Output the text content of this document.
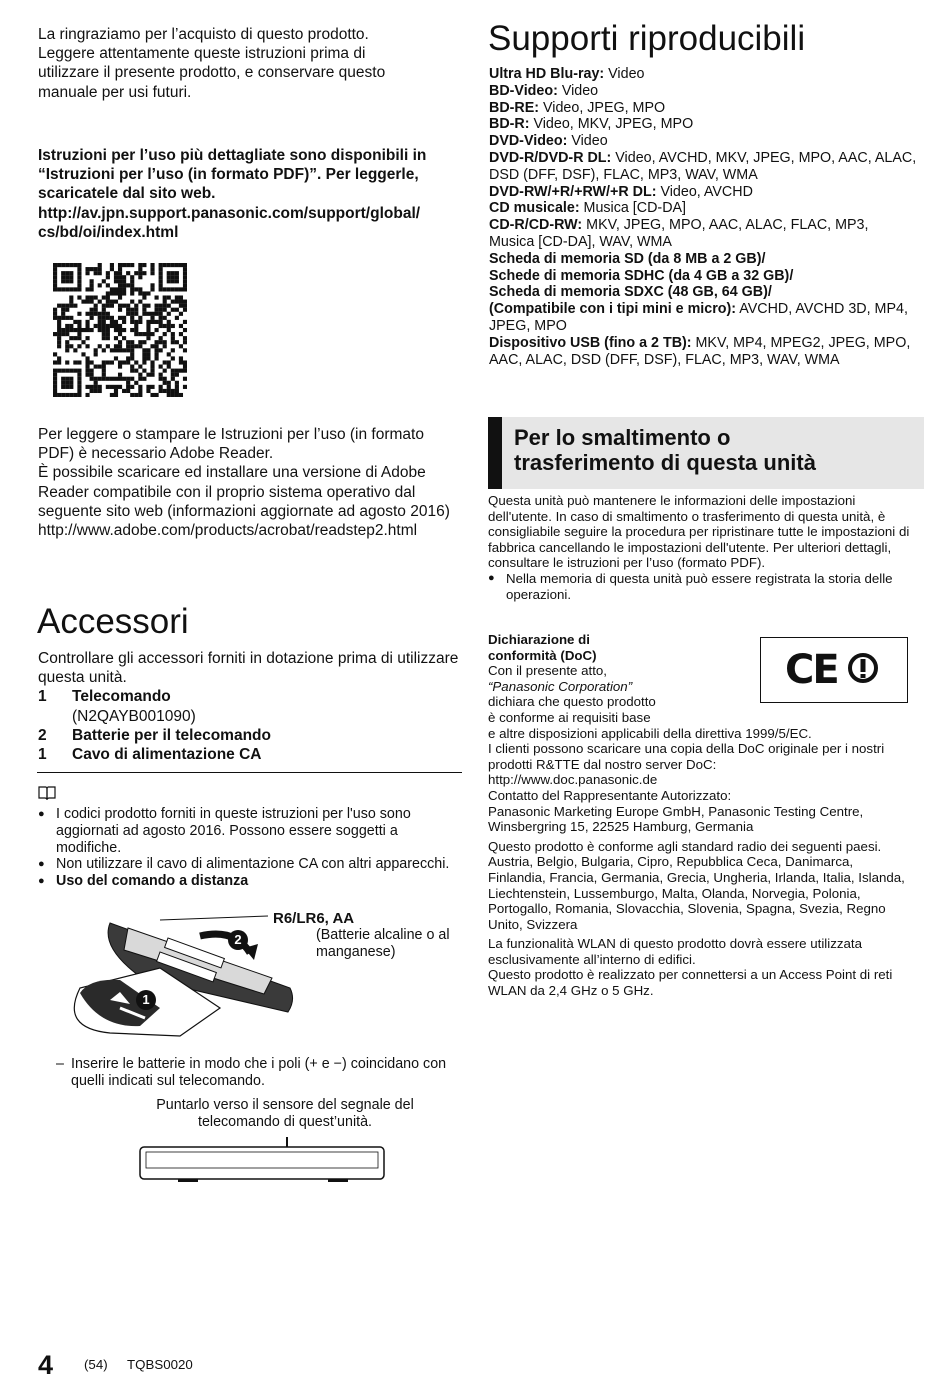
La ringraziamo per l’acquisto di questo prodotto. Leggere attentamente queste istruzioni prima di utilizzare il presente prodotto, e conservare questo manuale per usi futuri.

Istruzioni per l’uso più dettagliate sono disponibili in “Istruzioni per l’uso (in formato PDF)”. Per leggerle, scaricatele dal sito web.

http://av.jpn.support.panasonic.com/support/global/

cs/bd/oi/index.html

Per leggere o stampare le Istruzioni per l’uso (in formato PDF) è necessario Adobe Reader.

È possibile scaricare ed installare una versione di Adobe Reader compatibile con il proprio sistema operativo dal seguente sito web (informazioni aggiornate ad agosto 2016)

http://www.adobe.com/products/acrobat/readstep2.html

Accessori

Controllare gli accessori forniti in dotazione prima di utilizzare questa unità.

1	Telecomando
(N2QAYB001090)
2	Batterie per il telecomando
1	Cavo di alimentazione CA
● I codici prodotto forniti in queste istruzioni per l'uso sono aggiornati ad agosto 2016. Possono essere soggetti a modifiche.
● Non utilizzare il cavo di alimentazione CA con altri apparecchi.
● Uso del comando a distanza
1
2
R6/LR6, AA
(Batterie alcaline o al
manganese)
– Inserire le batterie in modo che i poli (+ e −) coincidano con quelli indicati sul telecomando.
Puntarlo verso il sensore del segnale del
telecomando di quest’unità.
Supporti riproducibili
Ultra HD Blu-ray: Video
BD-Video: Video
BD-RE: Video, JPEG, MPO
BD-R: Video, MKV, JPEG, MPO
DVD-Video: Video
DVD-R/DVD-R DL: Video, AVCHD, MKV, JPEG, MPO, AAC, ALAC, DSD (DFF, DSF), FLAC, MP3, WAV, WMA
DVD-RW/+R/+RW/+R DL: Video, AVCHD
CD musicale: Musica [CD-DA]
CD-R/CD-RW: MKV, JPEG, MPO, AAC, ALAC, FLAC, MP3, Musica [CD-DA], WAV, WMA
Scheda di memoria SD (da 8 MB a 2 GB)/
Schede di memoria SDHC (da 4 GB a 32 GB)/
Scheda di memoria SDXC (48 GB, 64 GB)/
(Compatibile con i tipi mini e micro): AVCHD, AVCHD 3D, MP4, JPEG, MPO
Dispositivo USB (fino a 2 TB): MKV, MP4, MPEG2, JPEG, MPO, AAC, ALAC, DSD (DFF, DSF), FLAC, MP3, WAV, WMA
Per lo smaltimento o
trasferimento di questa unità

Questa unità può mantenere le informazioni delle impostazioni dell'utente. In caso di smaltimento o trasferimento di questa unità, è consigliabile seguire la procedura per ripristinare tutte le impostazioni di fabbrica cancellando le impostazioni dell'utente. Per ulteriori dettagli, consultare le istruzioni per l’uso (formato PDF).

● Nella memoria di questa unità può essere registrata la storia delle operazioni.

Dichiarazione di

conformità (DoC)

Con il presente atto,

“Panasonic Corporation”

dichiara che questo prodotto

è conforme ai requisiti base

e altre disposizioni applicabili della direttiva 1999/5/EC.

I clienti possono scaricare una copia della DoC originale per i nostri prodotti R&TTE dal nostro server DoC:

http://www.doc.panasonic.de

Contatto del Rappresentante Autorizzato:

Panasonic Marketing Europe GmbH, Panasonic Testing Centre, Winsbergring 15, 22525 Hamburg, Germania

Questo prodotto è conforme agli standard radio dei seguenti paesi.

Austria, Belgio, Bulgaria, Cipro, Repubblica Ceca, Danimarca, Finlandia, Francia, Germania, Grecia, Ungheria, Irlanda, Italia, Islanda, Liechtenstein, Lussemburgo, Malta, Olanda, Norvegia, Polonia, Portogallo, Romania, Slovacchia, Slovenia, Spagna, Svezia, Regno Unito, Svizzera

La funzionalità WLAN di questo prodotto dovrà essere utilizzata esclusivamente all’interno di edifici.

Questo prodotto è realizzato per connettersi a un Access Point di reti WLAN da 2,4 GHz o 5 GHz.

CE
4 (54) TQBS0020
